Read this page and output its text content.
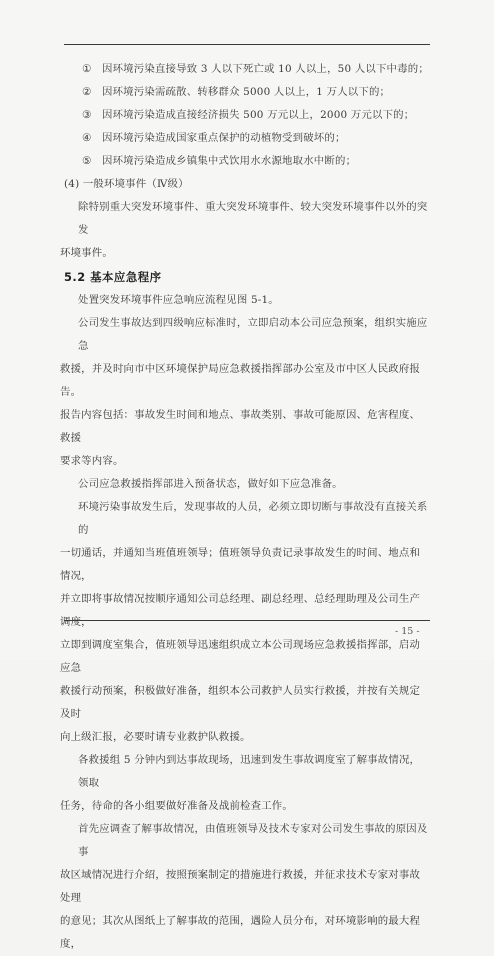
① 因环境污染直接导致 3 人以下死亡或 10 人以上，50 人以下中毒的；
② 因环境污染需疏散、转移群众 5000 人以上，1 万人以下的；
③ 因环境污染造成直接经济损失 500 万元以上，2000 万元以下的；
④ 因环境污染造成国家重点保护的动植物受到破坏的；
⑤ 因环境污染造成乡镇集中式饮用水水源地取水中断的；
(4) 一般环境事件（Ⅳ级）
除特别重大突发环境事件、重大突发环境事件、较大突发环境事件以外的突发
环境事件。
5.2 基本应急程序
处置突发环境事件应急响应流程见图 5-1。
公司发生事故达到四级响应标准时，立即启动本公司应急预案，组织实施应急
救援，并及时向市中区环境保护局应急救援指挥部办公室及市中区人民政府报告。
报告内容包括：事故发生时间和地点、事故类别、事故可能原因、危害程度、救援
要求等内容。
公司应急救援指挥部进入预备状态，做好如下应急准备。
环境污染事故发生后，发现事故的人员，必须立即切断与事故没有直接关系的
一切通话，并通知当班值班领导；值班领导负责记录事故发生的时间、地点和情况，
并立即将事故情况按顺序通知公司总经理、副总经理、总经理助理及公司生产调度，
立即到调度室集合，值班领导迅速组织成立本公司现场应急救援指挥部，启动应急
救援行动预案，积极做好准备，组织本公司救护人员实行救援，并按有关规定及时
向上级汇报，必要时请专业救护队救援。
各救援组 5 分钟内到达事故现场，迅速到发生事故调度室了解事故情况，领取
任务，待命的各小组要做好准备及战前检查工作。
首先应调查了解事故情况，由值班领导及技术专家对公司发生事故的原因及事
故区域情况进行介绍，按照预案制定的措施进行救援，并征求技术专家对事故处理
的意见；其次从图纸上了解事故的范围，遇险人员分布，对环境影响的最大程度，
- 15 -
